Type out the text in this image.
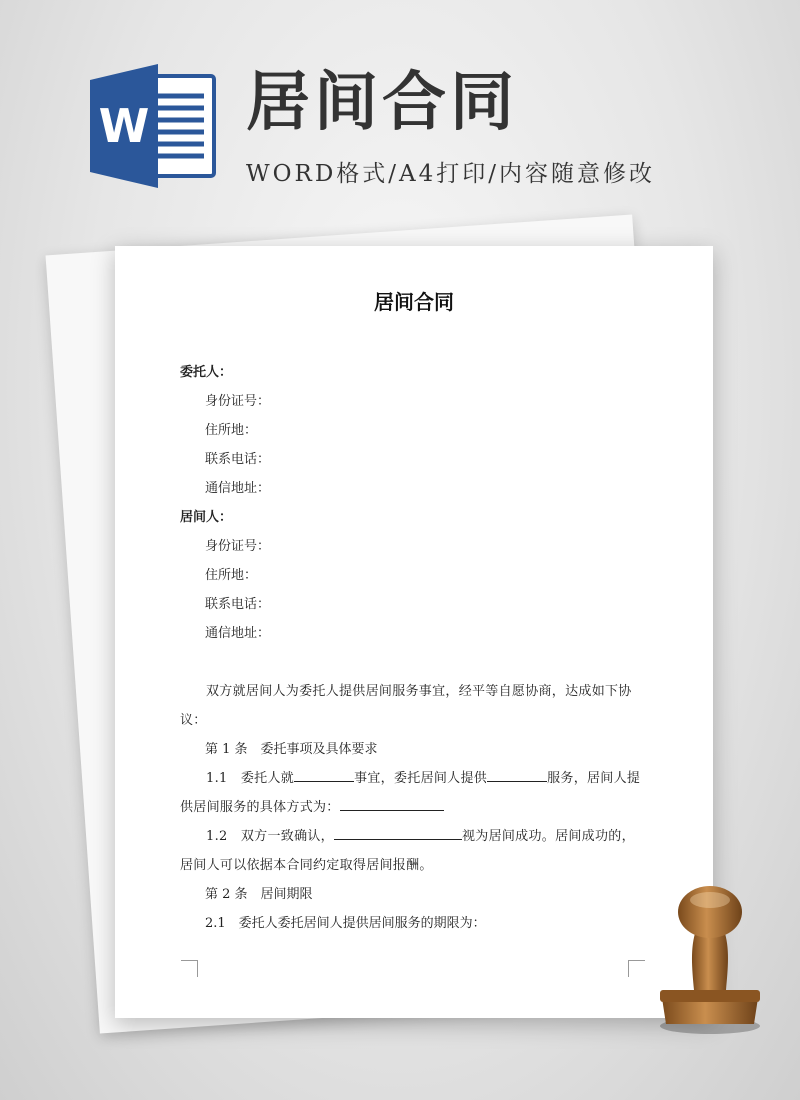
W 居间合同
WORD格式/A4打印/内容随意修改
居间合同
委托人：
身份证号：
住所地：
联系电话：
通信地址：
居间人：
身份证号：
住所地：
联系电话：
通信地址：
双方就居间人为委托人提供居间服务事宜，经平等自愿协商，达成如下协议：
第 1 条　委托事项及具体要求
1.1　委托人就	事宜，委托居间人提供	服务，居间人提供居间服务的具体方式为：
1.2　双方一致确认，	视为居间成功。居间成功的，居间人可以依据本合同约定取得居间报酬。
第 2 条　居间期限
2.1　委托人委托居间人提供居间服务的期限为：
